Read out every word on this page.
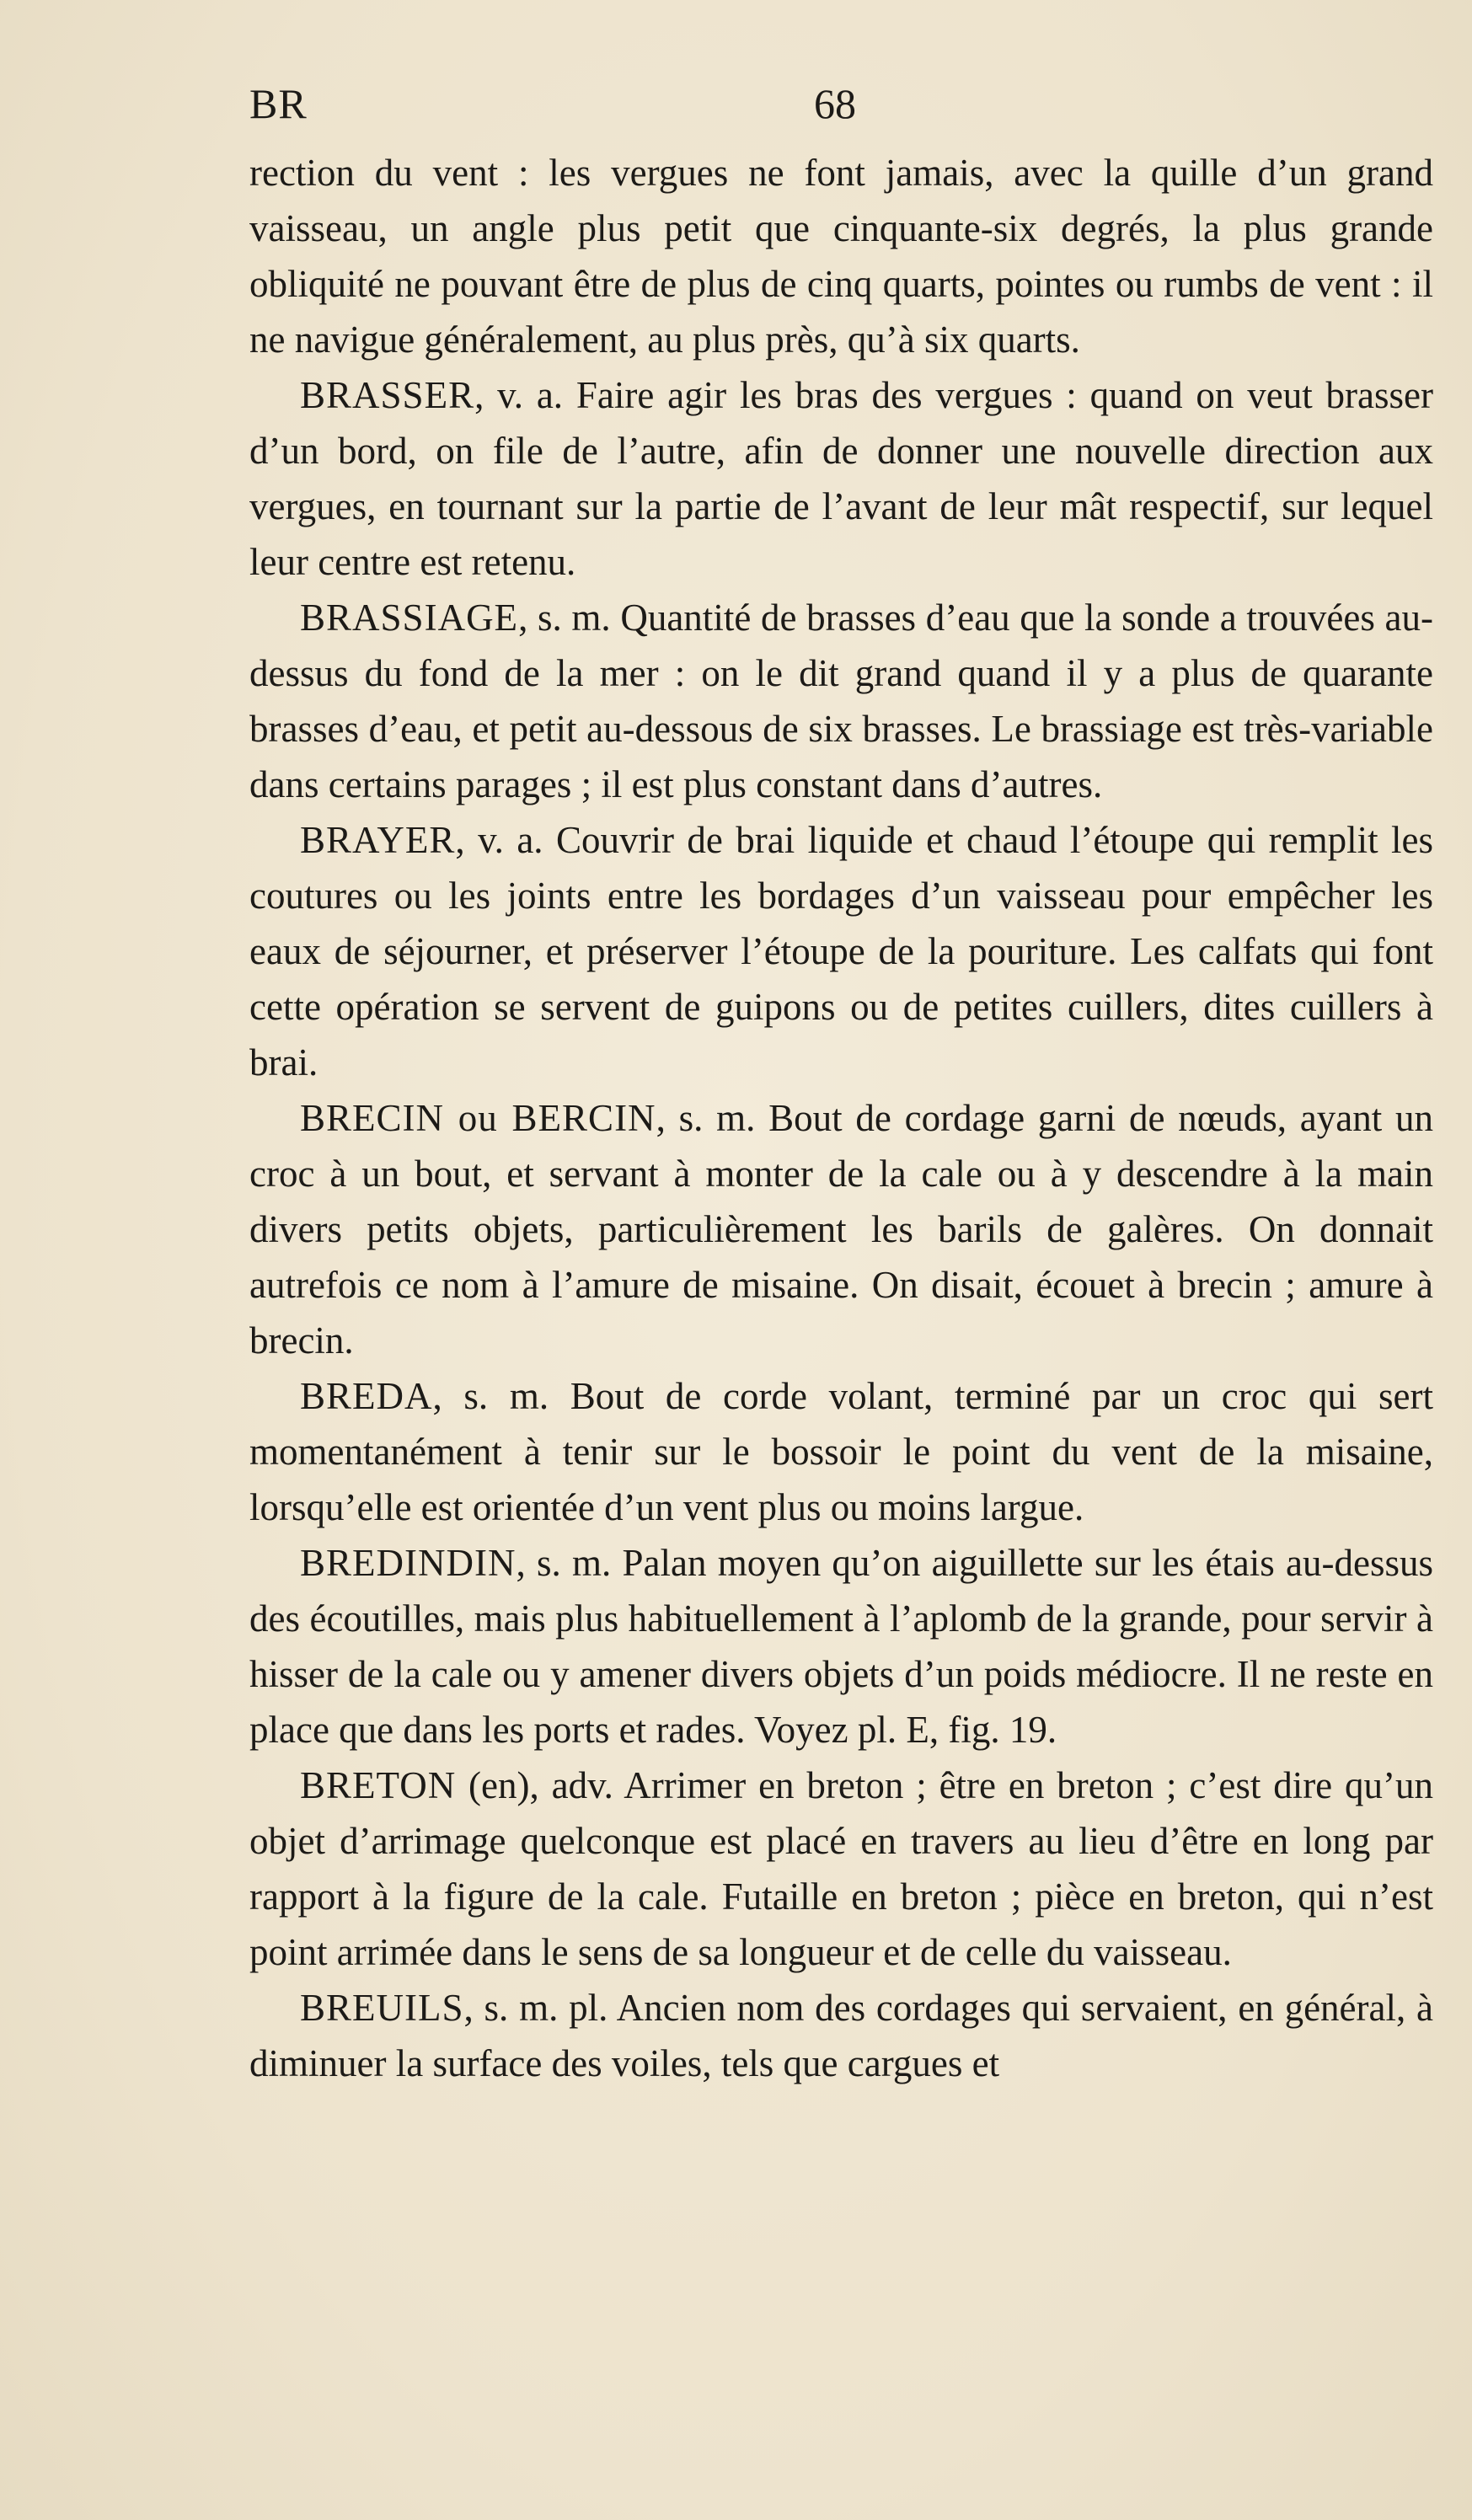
BR	68

rection du vent : les vergues ne font jamais, avec la quille d’un grand vaisseau, un angle plus petit que cinquante-six degrés, la plus grande obliquité ne pouvant être de plus de cinq quarts, pointes ou rumbs de vent : il ne navigue généralement, au plus près, qu’à six quarts.

BRASSER, v. a. Faire agir les bras des vergues : quand on veut brasser d’un bord, on file de l’autre, afin de donner une nouvelle direction aux vergues, en tournant sur la partie de l’avant de leur mât respectif, sur lequel leur centre est retenu.

BRASSIAGE, s. m. Quantité de brasses d’eau que la sonde a trouvées au-dessus du fond de la mer : on le dit grand quand il y a plus de quarante brasses d’eau, et petit au-dessous de six brasses. Le brassiage est très-variable dans certains parages ; il est plus constant dans d’autres.

BRAYER, v. a. Couvrir de brai liquide et chaud l’étoupe qui remplit les coutures ou les joints entre les bordages d’un vaisseau pour empêcher les eaux de séjourner, et préserver l’étoupe de la pouriture. Les calfats qui font cette opération se servent de guipons ou de petites cuillers, dites cuillers à brai.

BRECIN ou BERCIN, s. m. Bout de cordage garni de nœuds, ayant un croc à un bout, et servant à monter de la cale ou à y descendre à la main divers petits objets, particulièrement les barils de galères. On donnait autrefois ce nom à l’amure de misaine. On disait, écouet à brecin ; amure à brecin.

BREDA, s. m. Bout de corde volant, terminé par un croc qui sert momentanément à tenir sur le bossoir le point du vent de la misaine, lorsqu’elle est orientée d’un vent plus ou moins largue.

BREDINDIN, s. m. Palan moyen qu’on aiguillette sur les étais au-dessus des écoutilles, mais plus habituellement à l’aplomb de la grande, pour servir à hisser de la cale ou y amener divers objets d’un poids médiocre. Il ne reste en place que dans les ports et rades. Voyez pl. E, fig. 19.

BRETON (en), adv. Arrimer en breton ; être en breton ; c’est dire qu’un objet d’arrimage quelconque est placé en travers au lieu d’être en long par rapport à la figure de la cale. Futaille en breton ; pièce en breton, qui n’est point arrimée dans le sens de sa longueur et de celle du vaisseau.

BREUILS, s. m. pl. Ancien nom des cordages qui servaient, en général, à diminuer la surface des voiles, tels que cargues et
